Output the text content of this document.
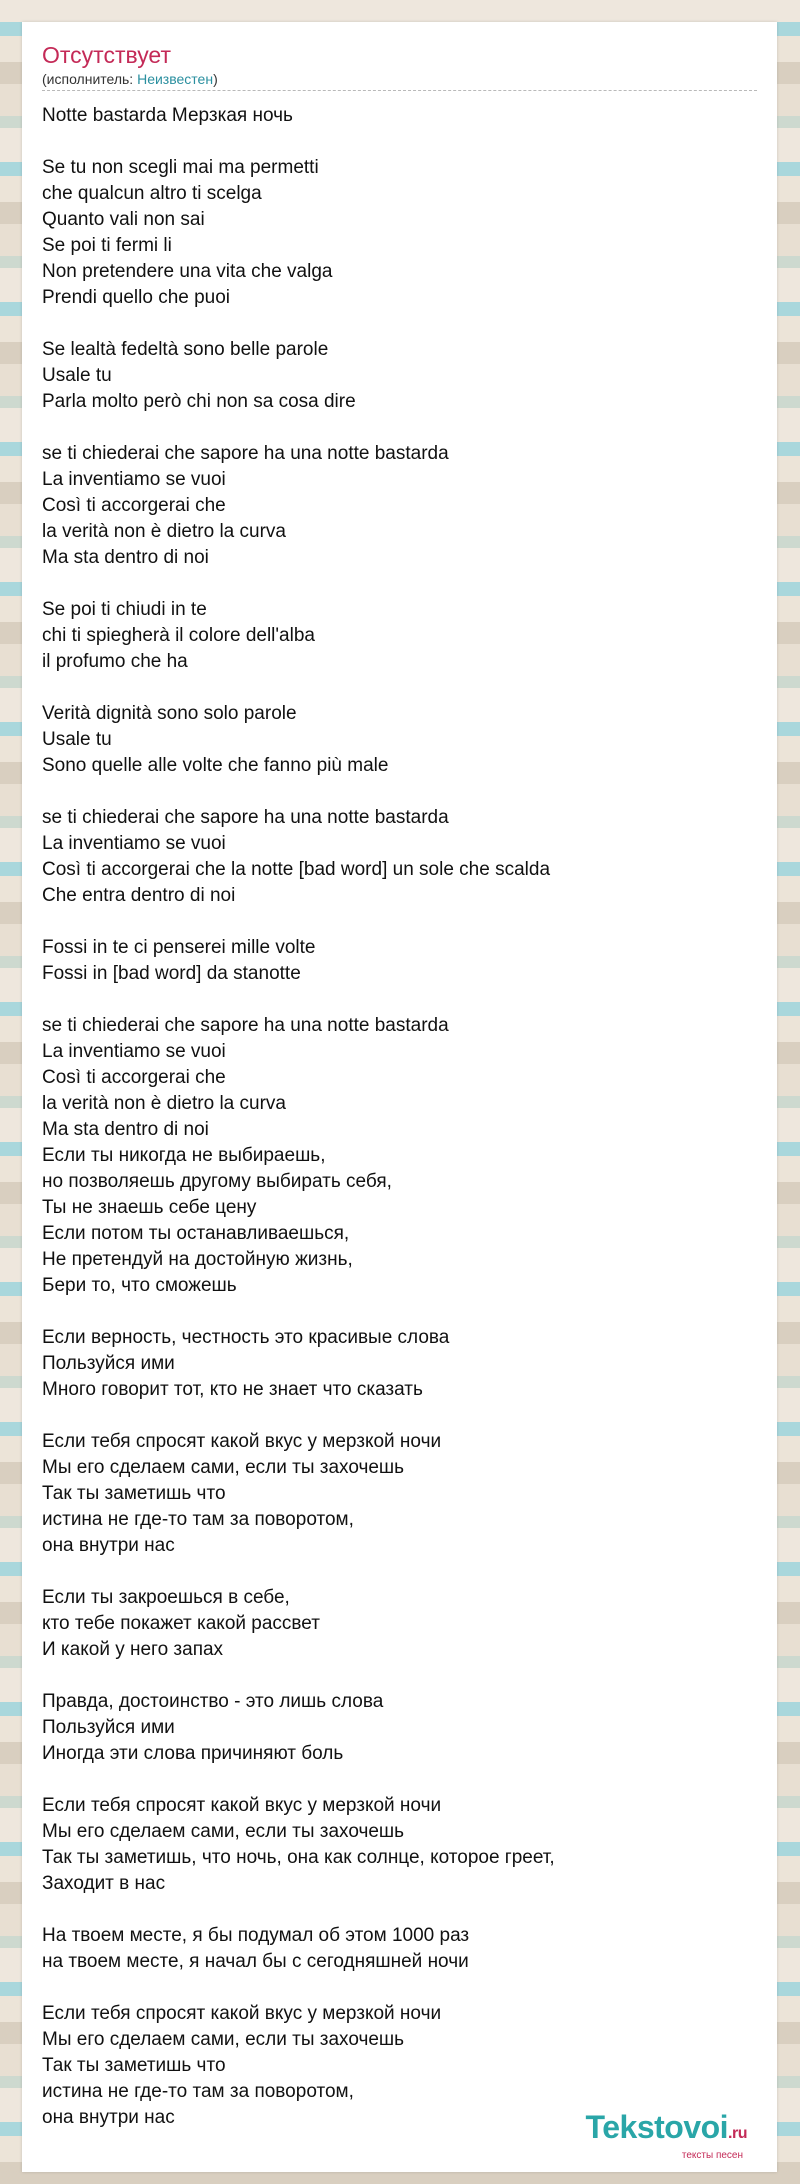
Отсутствует
(исполнитель: Неизвестен)
Notte bastarda Мерзкая ночь
Se tu non scegli mai ma permetti
che qualcun altro ti scelga
Quanto vali non sai
Se poi ti fermi li
Non pretendere una vita che valga
Prendi quello che puoi
Se lealtà fedeltà sono belle parole
Usale tu
Parla molto però chi non sa cosa dire
se ti chiederai che sapore ha una notte bastarda
La inventiamo se vuoi
Così ti accorgerai che
la verità non è dietro la curva
Ma sta dentro di noi
Se poi ti chiudi in te
chi ti spiegherà il colore dell'alba
il profumo che ha
Verità dignità sono solo parole
Usale tu
Sono quelle alle volte che fanno più male
se ti chiederai che sapore ha una notte bastarda
La inventiamo se vuoi
Così ti accorgerai che la notte [bad word] un sole che scalda
Che entra dentro di noi
Fossi in te ci penserei mille volte
Fossi in [bad word] da stanotte
se ti chiederai che sapore ha una notte bastarda
La inventiamo se vuoi
Così ti accorgerai che
la verità non è dietro la curva
Ma sta dentro di noi
Если ты никогда не выбираешь,
но позволяешь другому выбирать себя,
Ты не знаешь себе цену
Если потом ты останавливаешься,
Не претендуй на достойную жизнь,
Бери то, что сможешь
Если верность, честность это красивые слова
Пользуйся ими
Много говорит тот, кто не знает что сказать
Если тебя спросят какой вкус у мерзкой ночи
Мы его сделаем сами, если ты захочешь
Так ты заметишь что
истина не где-то там за поворотом,
она внутри нас
Если ты закроешься в себе,
кто тебе покажет какой рассвет
И какой у него запах
Правда, достоинство - это лишь слова
Пользуйся ими
Иногда эти слова причиняют боль
Если тебя спросят какой вкус у мерзкой ночи
Мы его сделаем сами, если ты захочешь
Так ты заметишь, что ночь, она как солнце, которое греет,
Заходит в нас
На твоем месте, я бы подумал об этом 1000 раз
на твоем месте, я начал бы с сегодняшней ночи
Если тебя спросят какой вкус у мерзкой ночи
Мы его сделаем сами, если ты захочешь
Так ты заметишь что
истина не где-то там за поворотом,
она внутри нас	Tekstovoi.ru
тексты песен
